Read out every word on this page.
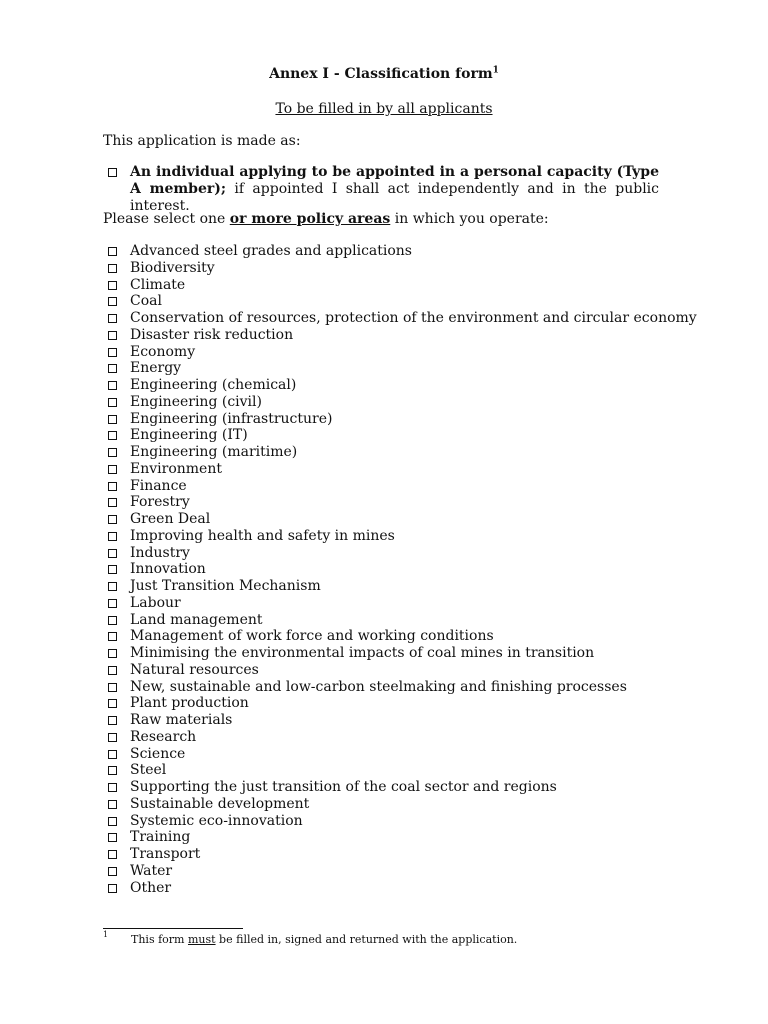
Annex I - Classification form$^1$
To be filled in by all applicants
This application is made as:
An individual applying to be appointed in a personal capacity (Type A member); if appointed I shall act independently and in the public interest.
Please select one or more policy areas in which you operate:
Advanced steel grades and applications
Biodiversity
Climate
Coal
Conservation of resources, protection of the environment and circular economy
Disaster risk reduction
Economy
Energy
Engineering (chemical)
Engineering (civil)
Engineering (infrastructure)
Engineering (IT)
Engineering (maritime)
Environment
Finance
Forestry
Green Deal
Improving health and safety in mines
Industry
Innovation
Just Transition Mechanism
Labour
Land management
Management of work force and working conditions
Minimising the environmental impacts of coal mines in transition
Natural resources
New, sustainable and low-carbon steelmaking and finishing processes
Plant production
Raw materials
Research
Science
Steel
Supporting the just transition of the coal sector and regions
Sustainable development
Systemic eco-innovation
Training
Transport
Water
Other
1 This form must be filled in, signed and returned with the application.
